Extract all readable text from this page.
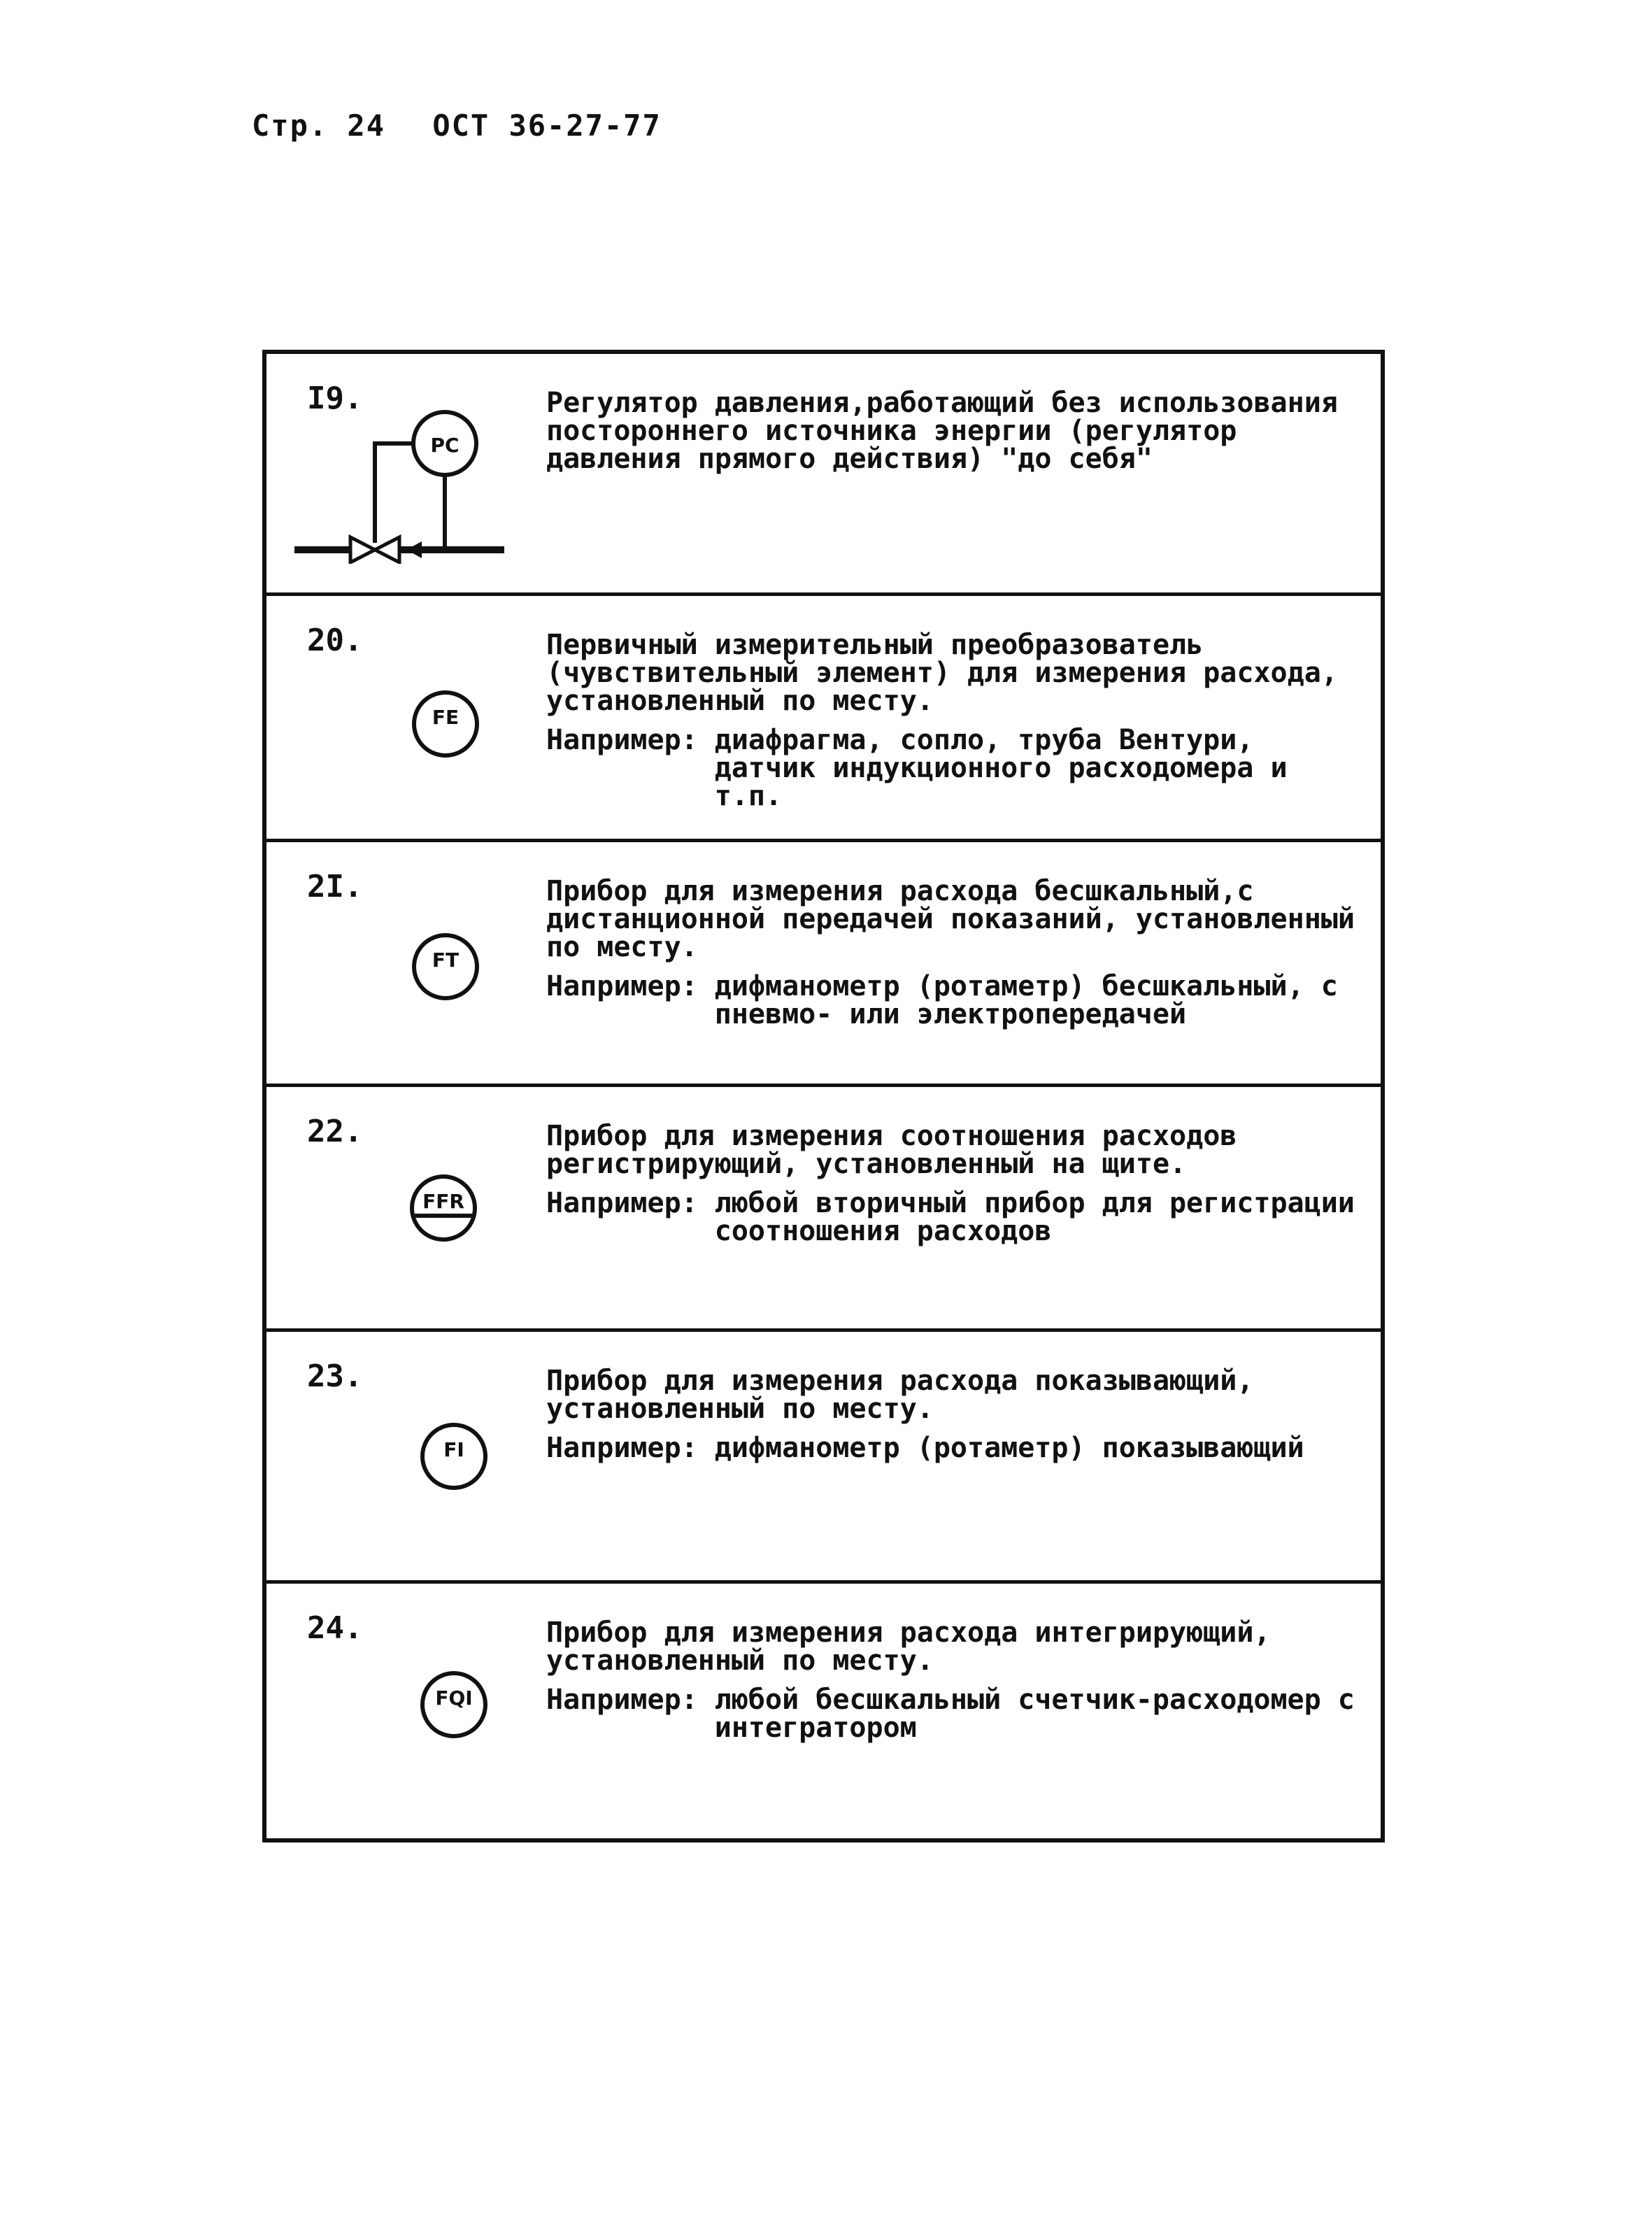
Стр. 24 ОСТ 36-27-77
I9.
PC

Регулятор давления,работающий без использования постороннего источника энергии (регулятор давления прямого действия) "до себя"

20.
FE

Первичный измерительный преобразователь (чувствительный элемент) для измерения расхода, установленный по месту.

Например: диафрагма, сопло, труба Вентури, датчик индукционного расходомера и т.п.
2I.
FT

Прибор для измерения расхода бесшкальный,с дистанционной передачей показаний, установленный по месту.

Например: дифманометр (ротаметр) бесшкальный, с пневмо- или электропередачей
22.
FFR

Прибор для измерения соотношения расходов регистрирующий, установленный на щите.

Например: любой вторичный прибор для регистрации соотношения расходов
23.
FI

Прибор для измерения расхода показывающий, установленный по месту.

Например: дифманометр (ротаметр) показывающий
24.
FQI

Прибор для измерения расхода интегрирующий, установленный по месту.

Например: любой бесшкальный счетчик-расходомер с интегратором
